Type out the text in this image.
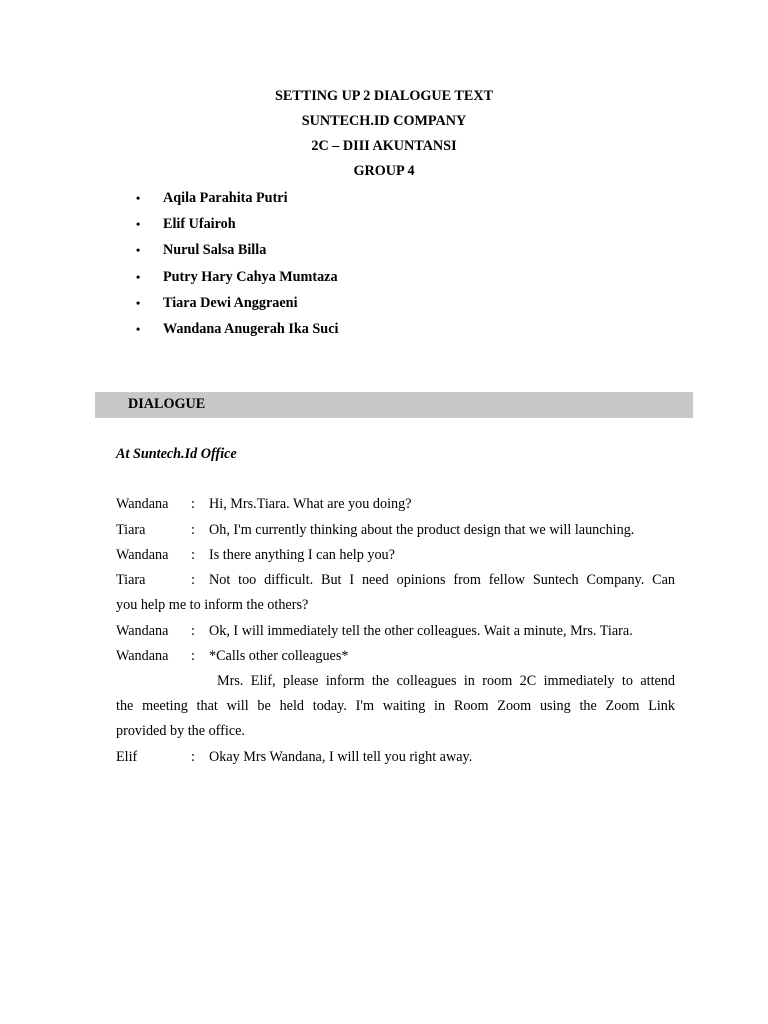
SETTING UP 2 DIALOGUE TEXT
SUNTECH.ID COMPANY
2C – DIII AKUNTANSI
GROUP 4
• Aqila Parahita Putri
• Elif Ufairoh
• Nurul Salsa Billa
• Putry Hary Cahya Mumtaza
• Tiara Dewi Anggraeni
• Wandana Anugerah Ika Suci
DIALOGUE
At Suntech.Id Office
Wandana : Hi, Mrs.Tiara. What are you doing?
Tiara	: Oh, I'm currently thinking about the product design that we will launching.
Wandana : Is there anything I can help you?
Tiara	: Not too difficult. But I need opinions from fellow Suntech Company. Can
you help me to inform the others?
Wandana : Ok, I will immediately tell the other colleagues. Wait a minute, Mrs. Tiara.
Wandana : *Calls other colleagues*
Mrs. Elif, please inform the colleagues in room 2C immediately to attend
the meeting that will be held today. I'm waiting in Room Zoom using the Zoom Link
provided by the office.
Elif	: Okay Mrs Wandana, I will tell you right away.
